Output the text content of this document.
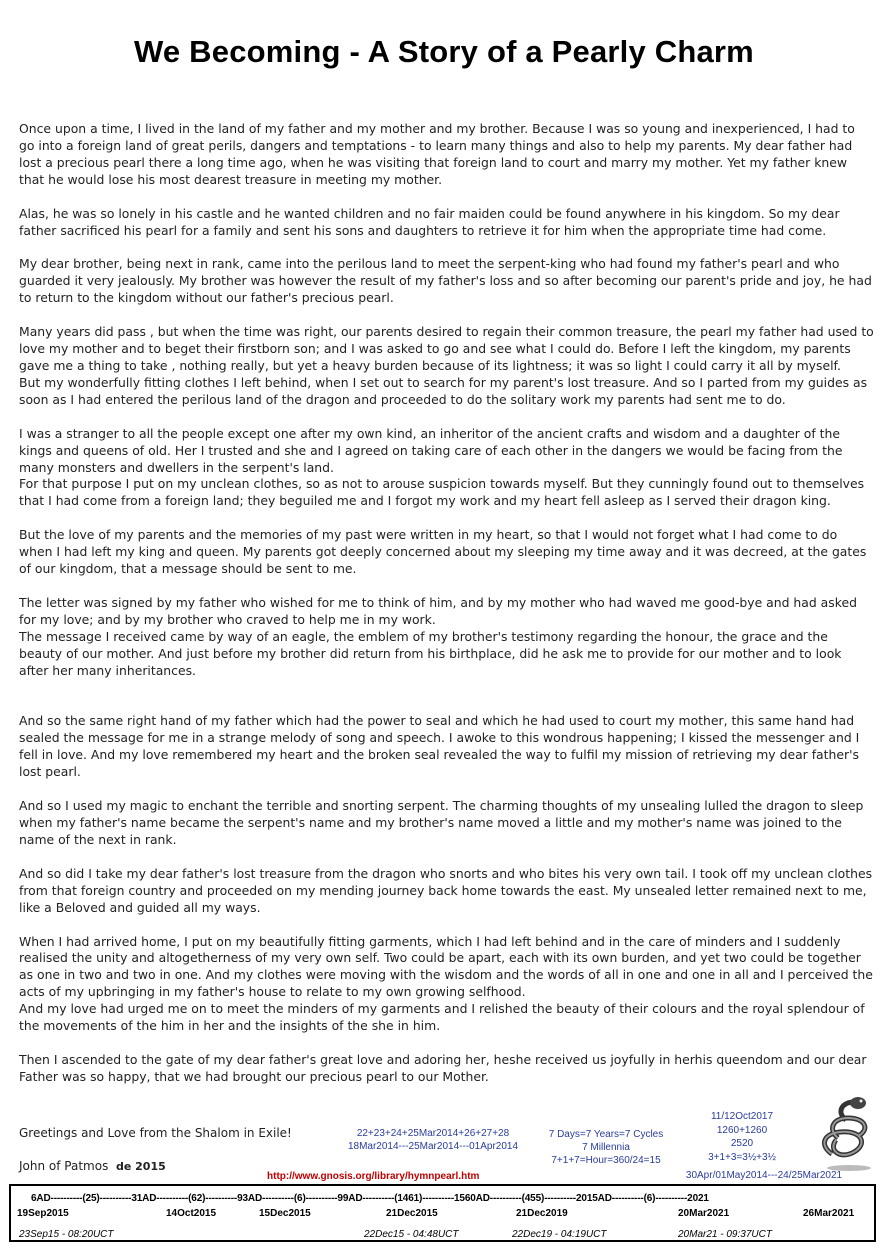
We Becoming - A Story of a Pearly Charm

Once upon a time, I lived in the land of my father and my mother and my brother. Because I was so young and inexperienced, I had to go into a foreign land of great perils, dangers and temptations - to learn many things and also to help my parents. My dear father had lost a precious pearl there a long time ago, when he was visiting that foreign land to court and marry my mother. Yet my father knew that he would lose his most dearest treasure in meeting my mother.

Alas, he was so lonely in his castle and he wanted children and no fair maiden could be found anywhere in his kingdom. So my dear father sacrificed his pearl for a family and sent his sons and daughters to retrieve it for him when the appropriate time had come.

My dear brother, being next in rank, came into the perilous land to meet the serpent-king who had found my father's pearl and who guarded it very jealously. My brother was however the result of my father's loss and so after becoming our parent's pride and joy, he had to return to the kingdom without our father's precious pearl.

Many years did pass , but when the time was right, our parents desired to regain their common treasure, the pearl my father had used to love my mother and to beget their firstborn son; and I was asked to go and see what I could do. Before I left the kingdom, my parents gave me a thing to take , nothing really, but yet a heavy burden because of its lightness; it was so light I could carry it all by myself.
But my wonderfully fitting clothes I left behind, when I set out to search for my parent's lost treasure. And so I parted from my guides as soon as I had entered the perilous land of the dragon and proceeded to do the solitary work my parents had sent me to do.

I was a stranger to all the people except one after my own kind, an inheritor of the ancient crafts and wisdom and a daughter of the kings and queens of old. Her I trusted and she and I agreed on taking care of each other in the dangers we would be facing from the many monsters and dwellers in the serpent's land.
For that purpose I put on my unclean clothes, so as not to arouse suspicion towards myself. But they cunningly found out to themselves that I had come from a foreign land; they beguiled me and I forgot my work and my heart fell asleep as I served their dragon king.

But the love of my parents and the memories of my past were written in my heart, so that I would not forget what I had come to do when I had left my king and queen. My parents got deeply concerned about my sleeping my time away and it was decreed, at the gates of our kingdom, that a message should be sent to me.

The letter was signed by my father who wished for me to think of him, and by my mother who had waved me good-bye and had asked for my love; and by my brother who craved to help me in my work.
The message I received came by way of an eagle, the emblem of my brother's testimony regarding the honour, the grace and the beauty of our mother. And just before my brother did return from his birthplace, did he ask me to provide for our mother and to look after her many inheritances.

And so the same right hand of my father which had the power to seal and which he had used to court my mother, this same hand had sealed the message for me in a strange melody of song and speech. I awoke to this wondrous happening; I kissed the messenger and I fell in love. And my love remembered my heart and the broken seal revealed the way to fulfil my mission of retrieving my dear father's lost pearl.

And so I used my magic to enchant the terrible and snorting serpent. The charming thoughts of my unsealing lulled the dragon to sleep when my father's name became the serpent's name and my brother's name moved a little and my mother's name was joined to the name of the next in rank.

And so did I take my dear father's lost treasure from the dragon who snorts and who bites his very own tail. I took off my unclean clothes from that foreign country and proceeded on my mending journey back home towards the east. My unsealed letter remained next to me, like a Beloved and guided all my ways.

When I had arrived home, I put on my beautifully fitting garments, which I had left behind and in the care of minders and I suddenly realised the unity and altogetherness of my very own self. Two could be apart, each with its own burden, and yet two could be together as one in two and two in one. And my clothes were moving with the wisdom and the words of all in one and one in all and I perceived the acts of my upbringing in my father's house to relate to my own growing selfhood.
And my love had urged me on to meet the minders of my garments and I relished the beauty of their colours and the royal splendour of the movements of the him in her and the insights of the she in him.

Then I ascended to the gate of my dear father's great love and adoring her, heshe received us joyfully in herhis queendom and our dear Father was so happy, that we had brought our precious pearl to our Mother.

Greetings and Love from the Shalom in Exile!
John of Patmos de 2015
http://www.gnosis.org/library/hymnpearl.htm
22+23+24+25Mar2014+26+27+28
18Mar2014---25Mar2014---01Apr2014
7 Days=7 Years=7 Cycles
7 Millennia
7+1+7=Hour=360/24=15
11/12Oct2017
1260+1260
2520
3+1+3=3½+3½
30Apr/01May2014---24/25Mar2021
6AD----------(25)----------31AD----------(62)----------93AD----------(6)----------99AD----------(1461)----------1560AD----------(455)----------2015AD----------(6)----------2021
19Sep2015	14Oct2015	15Dec2015	21Dec2015	21Dec2019	20Mar2021	26Mar2021
23Sep15 - 08:20UCT	22Dec15 - 04:48UCT	22Dec19 - 04:19UCT	20Mar21 - 09:37UCT
